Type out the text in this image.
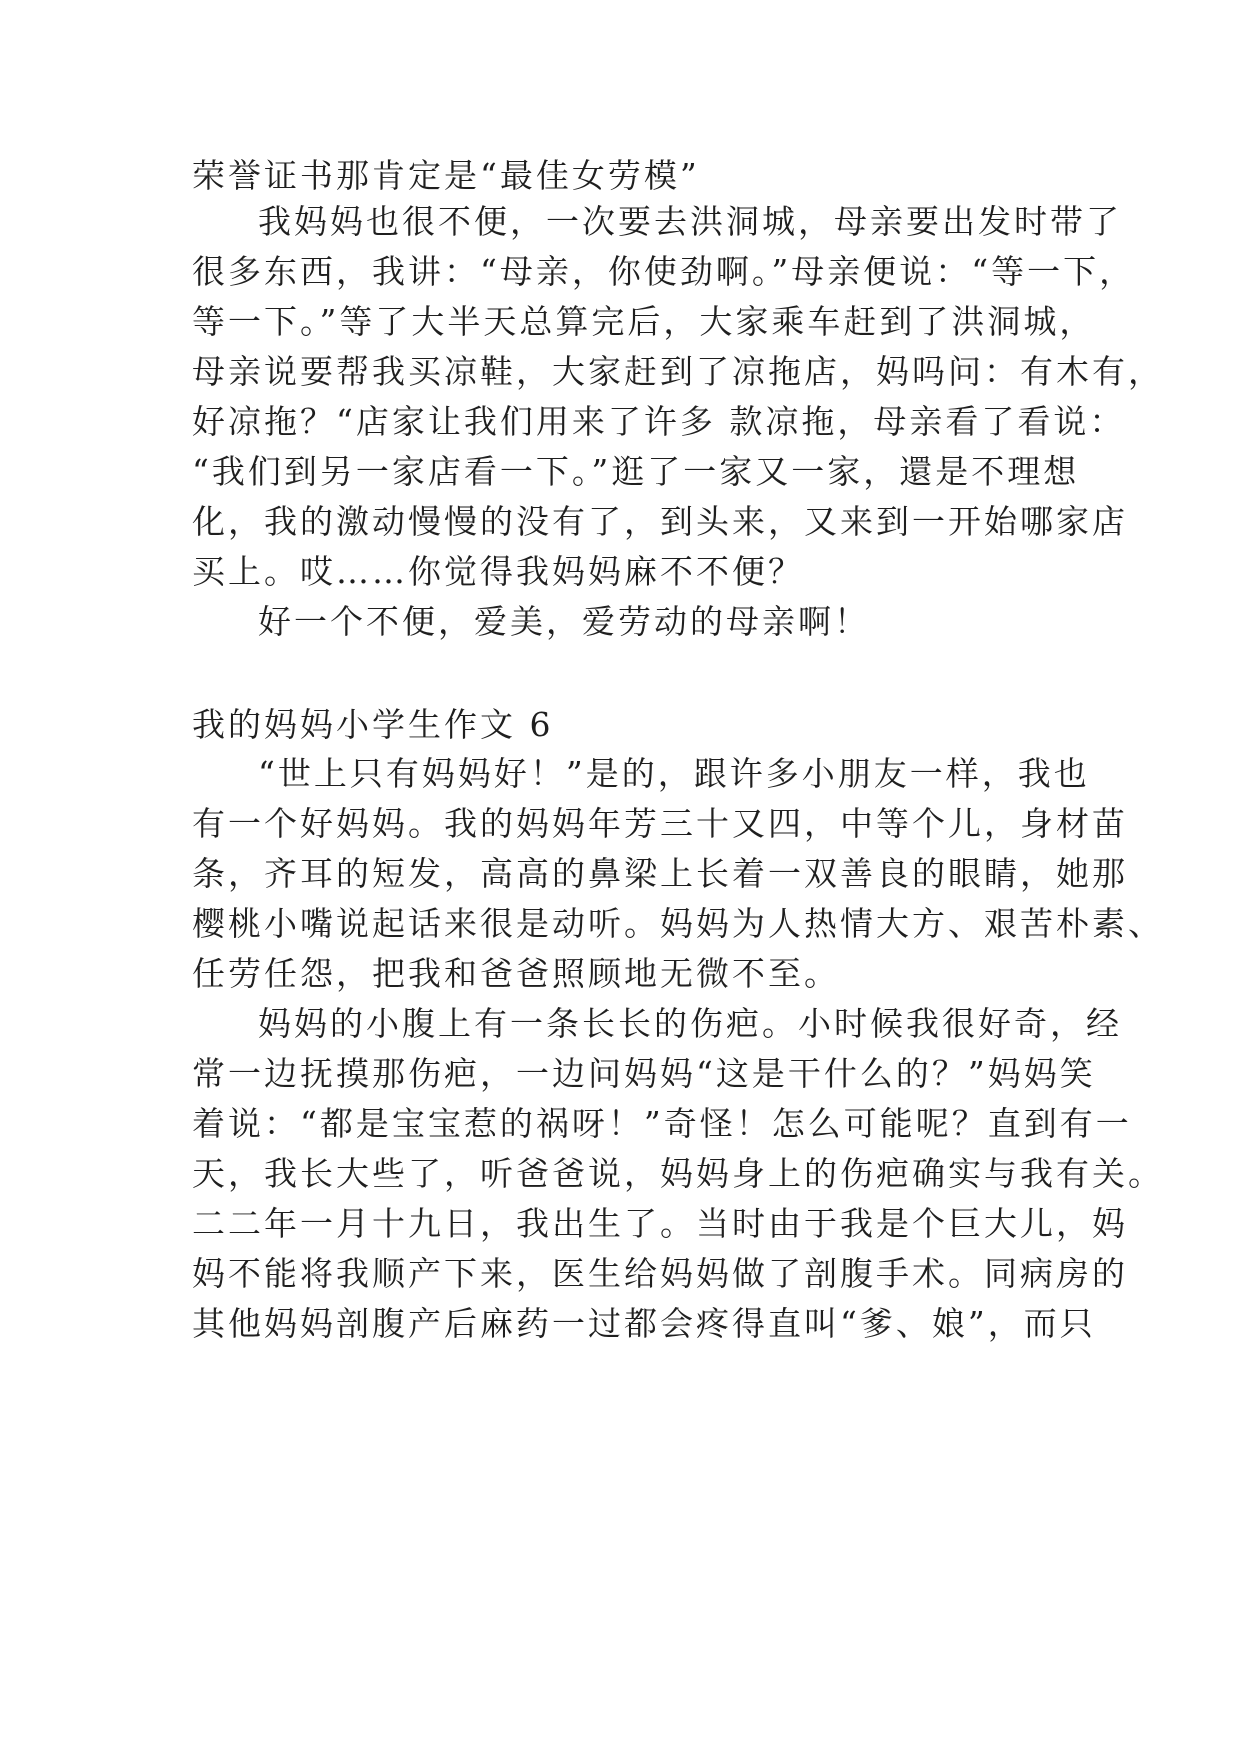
荣誉证书那肯定是“最佳女劳模”
我妈妈也很不便，一次要去洪洞城，母亲要出发时带了
很多东西，我讲：“母亲，你使劲啊。”母亲便说：“等一下，
等一下。”等了大半天总算完后，大家乘车赶到了洪洞城，
母亲说要帮我买凉鞋，大家赶到了凉拖店，妈吗问：有木有，
好凉拖？“店家让我们用来了许多 款凉拖，母亲看了看说：
“我们到另一家店看一下。”逛了一家又一家，還是不理想
化，我的激动慢慢的没有了，到头来，又来到一开始哪家店
买上。哎……你觉得我妈妈麻不不便？
好一个不便，爱美，爱劳动的母亲啊！
我的妈妈小学生作文 6
“世上只有妈妈好！”是的，跟许多小朋友一样，我也
有一个好妈妈。我的妈妈年芳三十又四，中等个儿，身材苗
条，齐耳的短发，高高的鼻梁上长着一双善良的眼睛，她那
樱桃小嘴说起话来很是动听。妈妈为人热情大方、艰苦朴素、
任劳任怨，把我和爸爸照顾地无微不至。
妈妈的小腹上有一条长长的伤疤。小时候我很好奇，经
常一边抚摸那伤疤，一边问妈妈“这是干什么的？”妈妈笑
着说：“都是宝宝惹的祸呀！”奇怪！怎么可能呢？直到有一
天，我长大些了，听爸爸说，妈妈身上的伤疤确实与我有关。
二二年一月十九日，我出生了。当时由于我是个巨大儿，妈
妈不能将我顺产下来，医生给妈妈做了剖腹手术。同病房的
其他妈妈剖腹产后麻药一过都会疼得直叫“爹、娘”，而只
